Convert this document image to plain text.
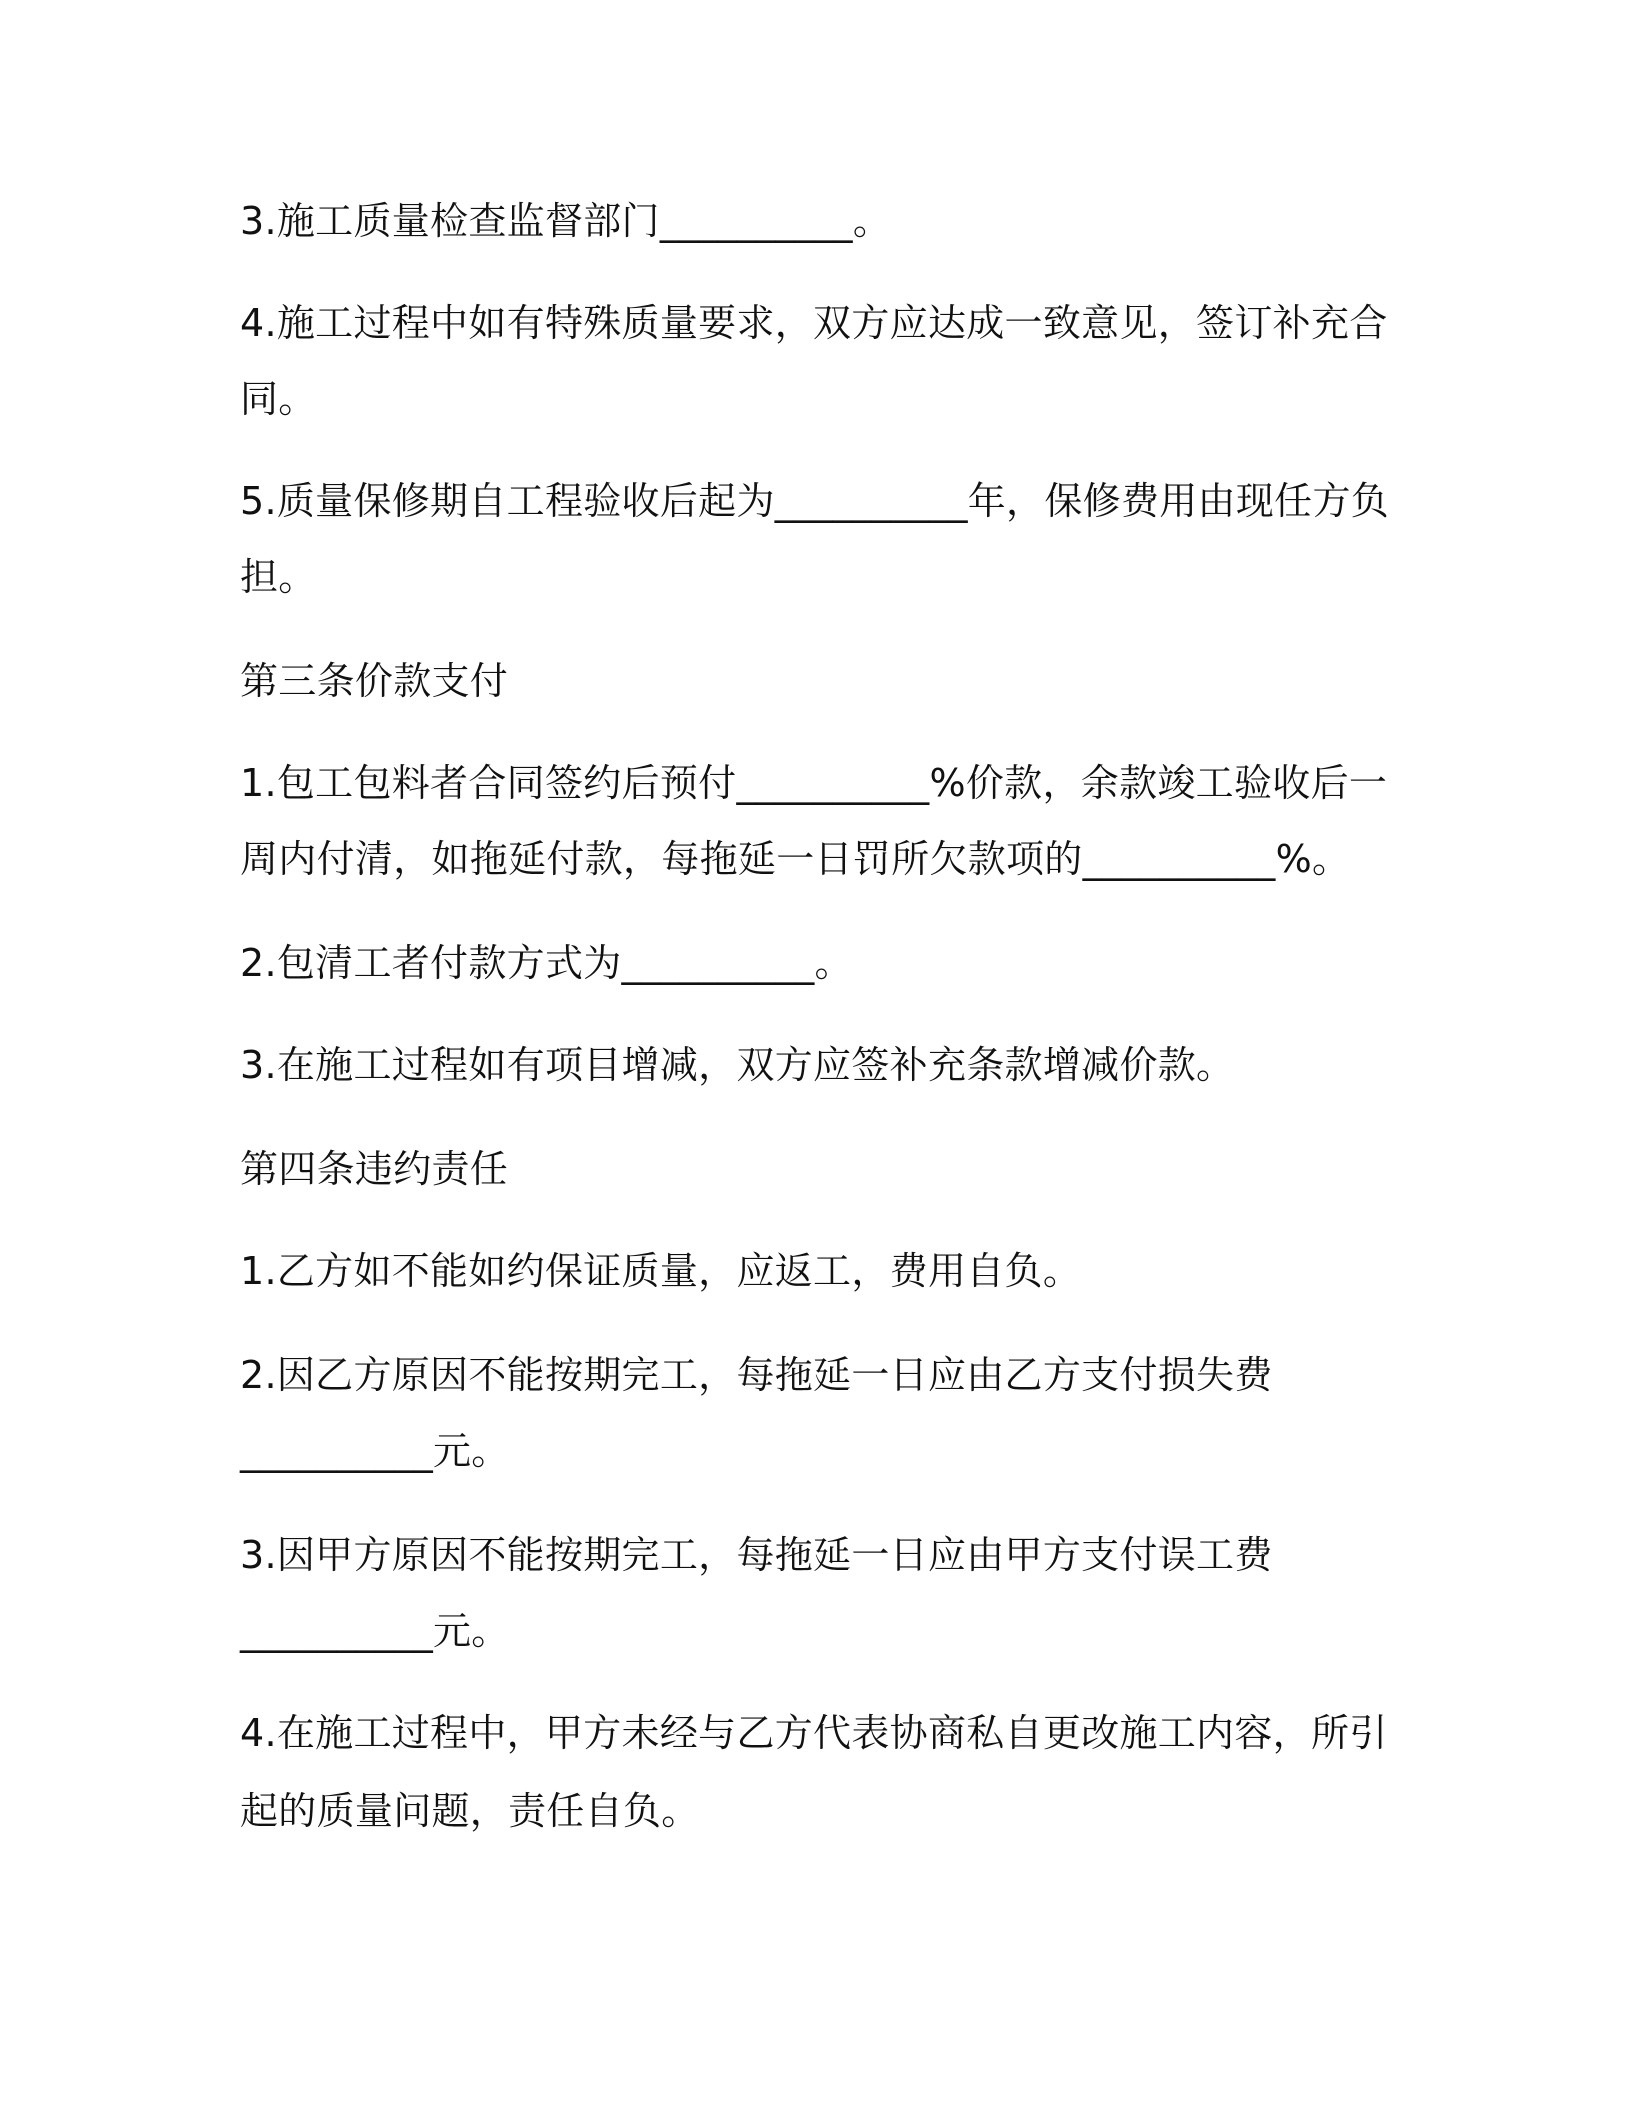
3.施工质量检查监督部门__________。
4.施工过程中如有特殊质量要求，双方应达成一致意见，签订补充合
同。
5.质量保修期自工程验收后起为__________年，保修费用由现任方负
担。
第三条价款支付
1.包工包料者合同签约后预付__________%价款，余款竣工验收后一
周内付清，如拖延付款，每拖延一日罚所欠款项的__________%。
2.包清工者付款方式为__________。
3.在施工过程如有项目增减，双方应签补充条款增减价款。
第四条违约责任
1.乙方如不能如约保证质量，应返工，费用自负。
2.因乙方原因不能按期完工，每拖延一日应由乙方支付损失费
__________元。
3.因甲方原因不能按期完工，每拖延一日应由甲方支付误工费
__________元。
4.在施工过程中，甲方未经与乙方代表协商私自更改施工内容，所引
起的质量问题，责任自负。
